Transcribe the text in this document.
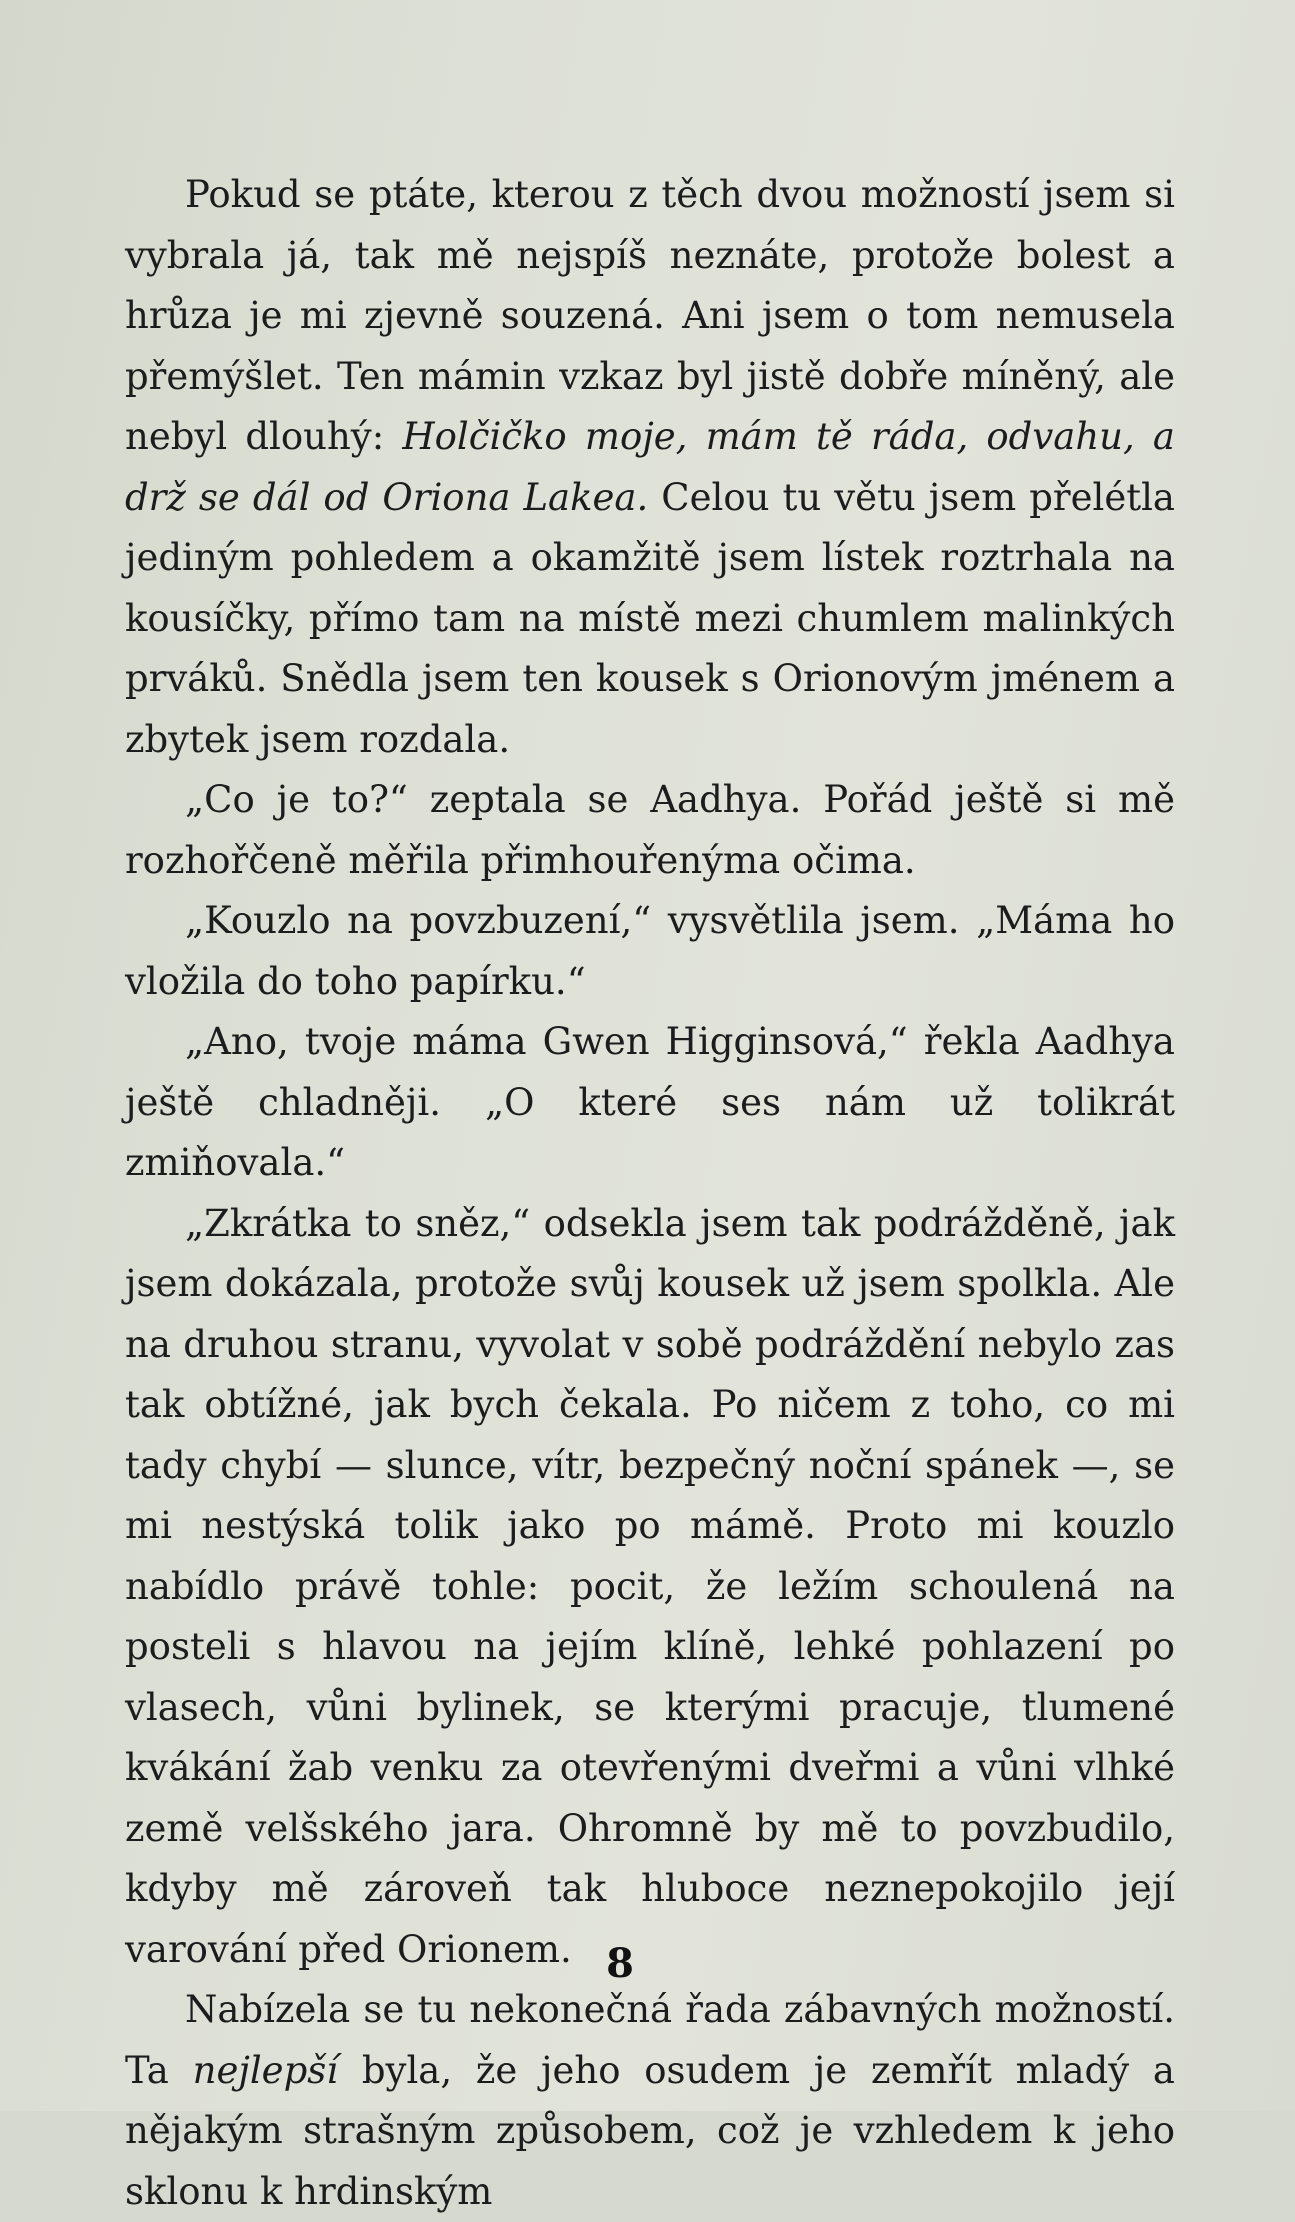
Pokud se ptáte, kterou z těch dvou možností jsem si vybrala já, tak mě nejspíš neznáte, protože bolest a hrůza je mi zjevně souzená. Ani jsem o tom nemusela přemýšlet. Ten mámin vzkaz byl jistě dobře míněný, ale nebyl dlouhý: Holčičko moje, mám tě ráda, odvahu, a drž se dál od Oriona Lakea. Celou tu větu jsem přelétla jediným pohledem a okamžitě jsem lístek roztrhala na kousíčky, přímo tam na místě mezi chumlem malinkých prváků. Snědla jsem ten kousek s Orionovým jménem a zbytek jsem rozdala.

„Co je to?“ zeptala se Aadhya. Pořád ještě si mě rozhořčeně měřila přimhouřenýma očima.

„Kouzlo na povzbuzení,“ vysvětlila jsem. „Máma ho vložila do toho papírku.“

„Ano, tvoje máma Gwen Higginsová,“ řekla Aadhya ještě chladněji. „O které ses nám už tolikrát zmiňovala.“

„Zkrátka to sněz,“ odsekla jsem tak podrážděně, jak jsem dokázala, protože svůj kousek už jsem spolkla. Ale na druhou stranu, vyvolat v sobě podráždění nebylo zas tak obtížné, jak bych čekala. Po ničem z toho, co mi tady chybí — slunce, vítr, bezpečný noční spánek —, se mi nestýská tolik jako po mámě. Proto mi kouzlo nabídlo právě tohle: pocit, že ležím schoulená na posteli s hlavou na jejím klíně, lehké pohlazení po vlasech, vůni bylinek, se kterými pracuje, tlumené kvákání žab venku za otevřenými dveřmi a vůni vlhké země velšského jara. Ohromně by mě to povzbudilo, kdyby mě zároveň tak hluboce neznepokojilo její varování před Orionem.

Nabízela se tu nekonečná řada zábavných možností. Ta nejlepší byla, že jeho osudem je zemřít mladý a nějakým strašným způsobem, což je vzhledem k jeho sklonu k hrdinským

8
